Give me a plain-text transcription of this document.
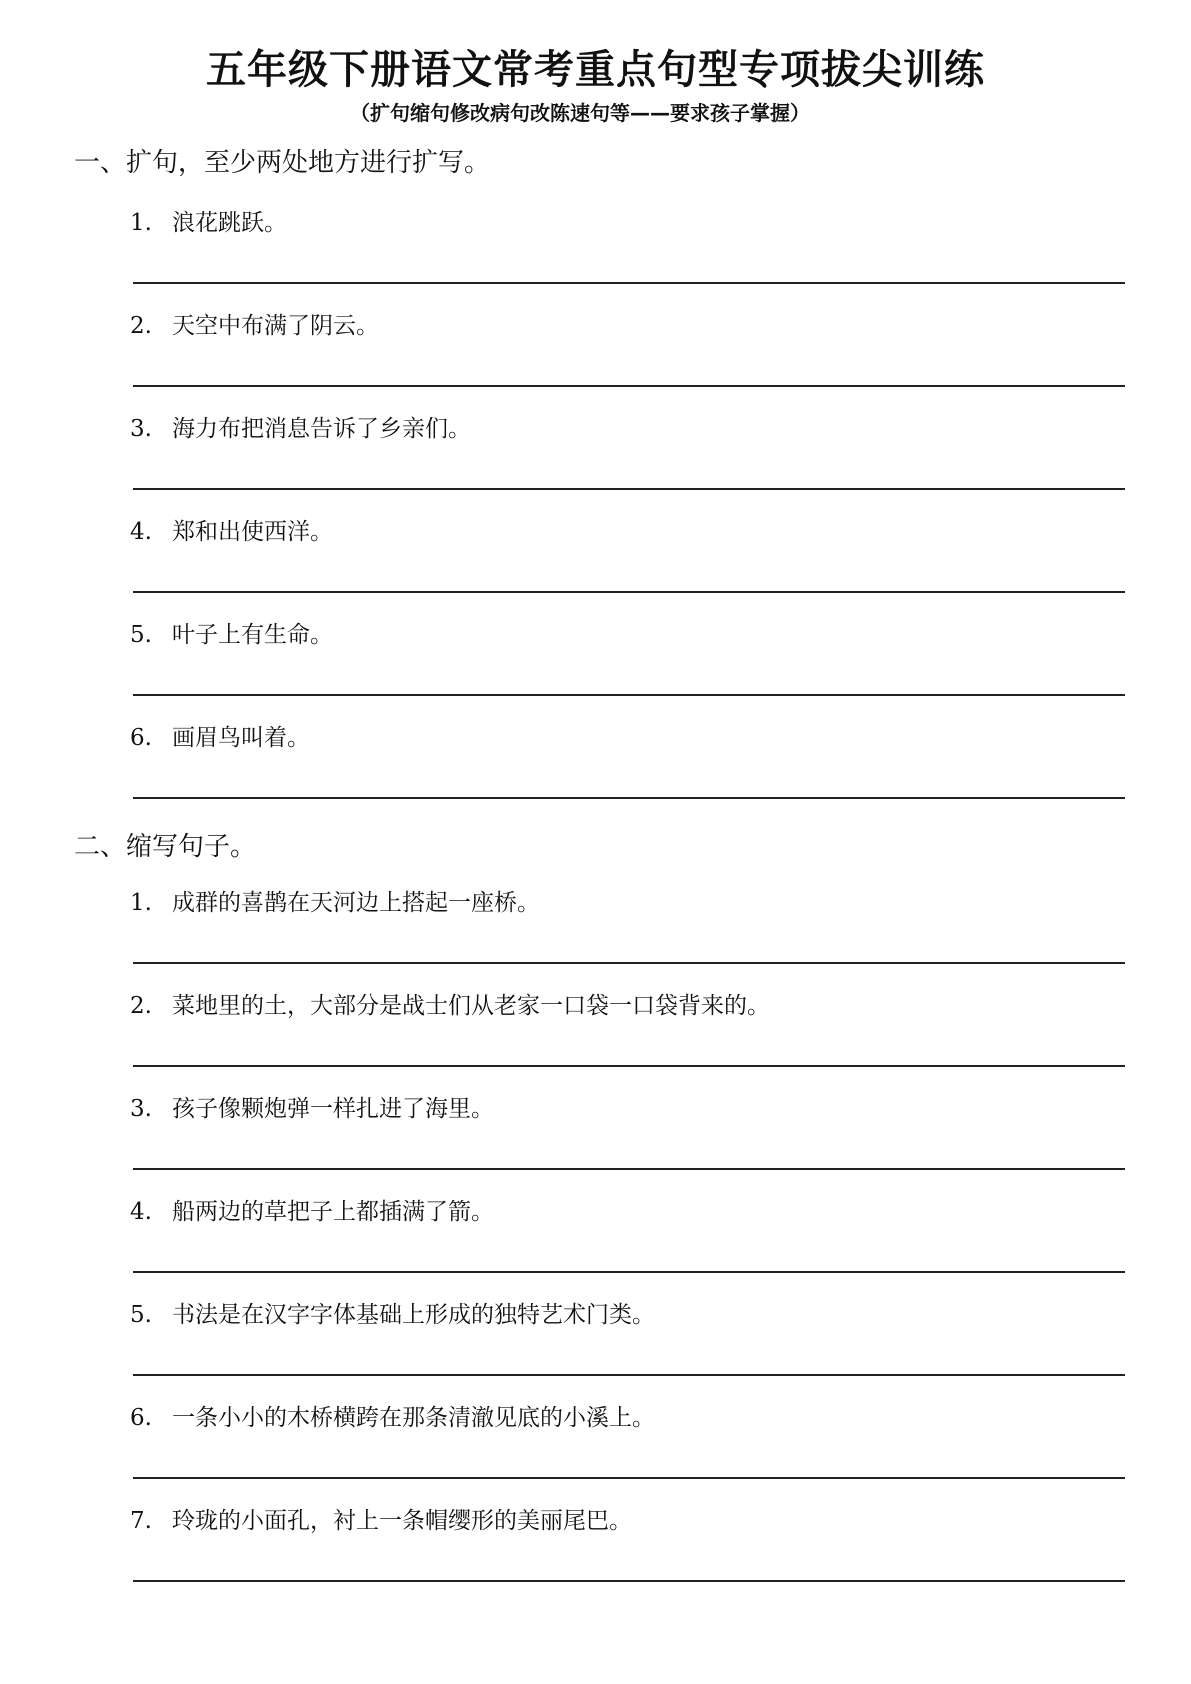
五年级下册语文常考重点句型专项拔尖训练
（扩句缩句修改病句改陈速句等——要求孩子掌握）
一、扩句，至少两处地方进行扩写。
1. 浪花跳跃。
2. 天空中布满了阴云。
3. 海力布把消息告诉了乡亲们。
4. 郑和出使西洋。
5. 叶子上有生命。
6. 画眉鸟叫着。
二、缩写句子。
1. 成群的喜鹊在天河边上搭起一座桥。
2. 菜地里的土，大部分是战士们从老家一口袋一口袋背来的。
3. 孩子像颗炮弹一样扎进了海里。
4. 船两边的草把子上都插满了箭。
5. 书法是在汉字字体基础上形成的独特艺术门类。
6. 一条小小的木桥横跨在那条清澈见底的小溪上。
7. 玲珑的小面孔，衬上一条帽缨形的美丽尾巴。
